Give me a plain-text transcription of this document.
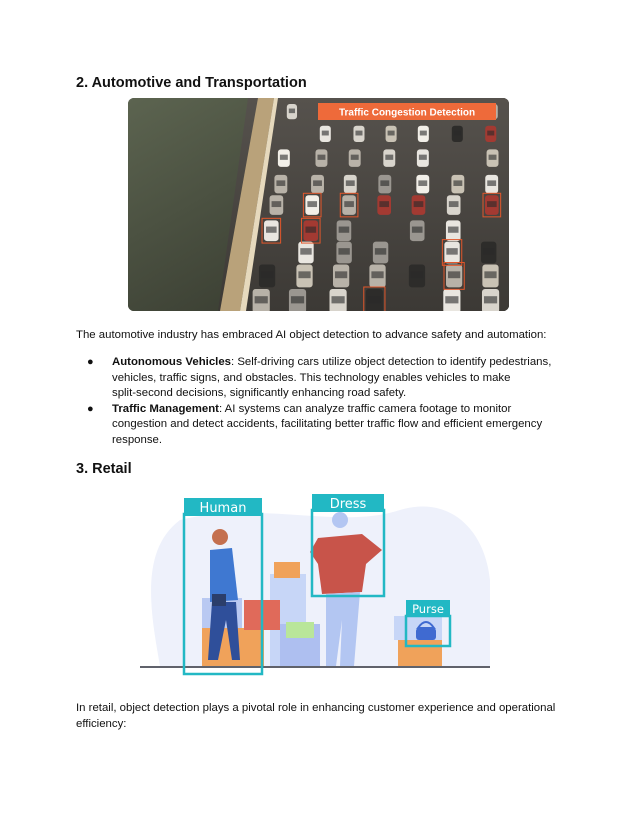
2. Automotive and Transportation
Traffic Congestion Detection

The automotive industry has embraced AI object detection to advance safety and automation:

● Autonomous Vehicles: Self-driving cars utilize object detection to identify pedestrians,
vehicles, traffic signs, and obstacles. This technology enables vehicles to make
split-second decisions, significantly enhancing road safety.
● Traffic Management: AI systems can analyze traffic camera footage to monitor
congestion and detect accidents, facilitating better traffic flow and efficient emergency
response.
3. Retail
Human	Dress
Purse

In retail, object detection plays a pivotal role in enhancing customer experience and operational
efficiency:
